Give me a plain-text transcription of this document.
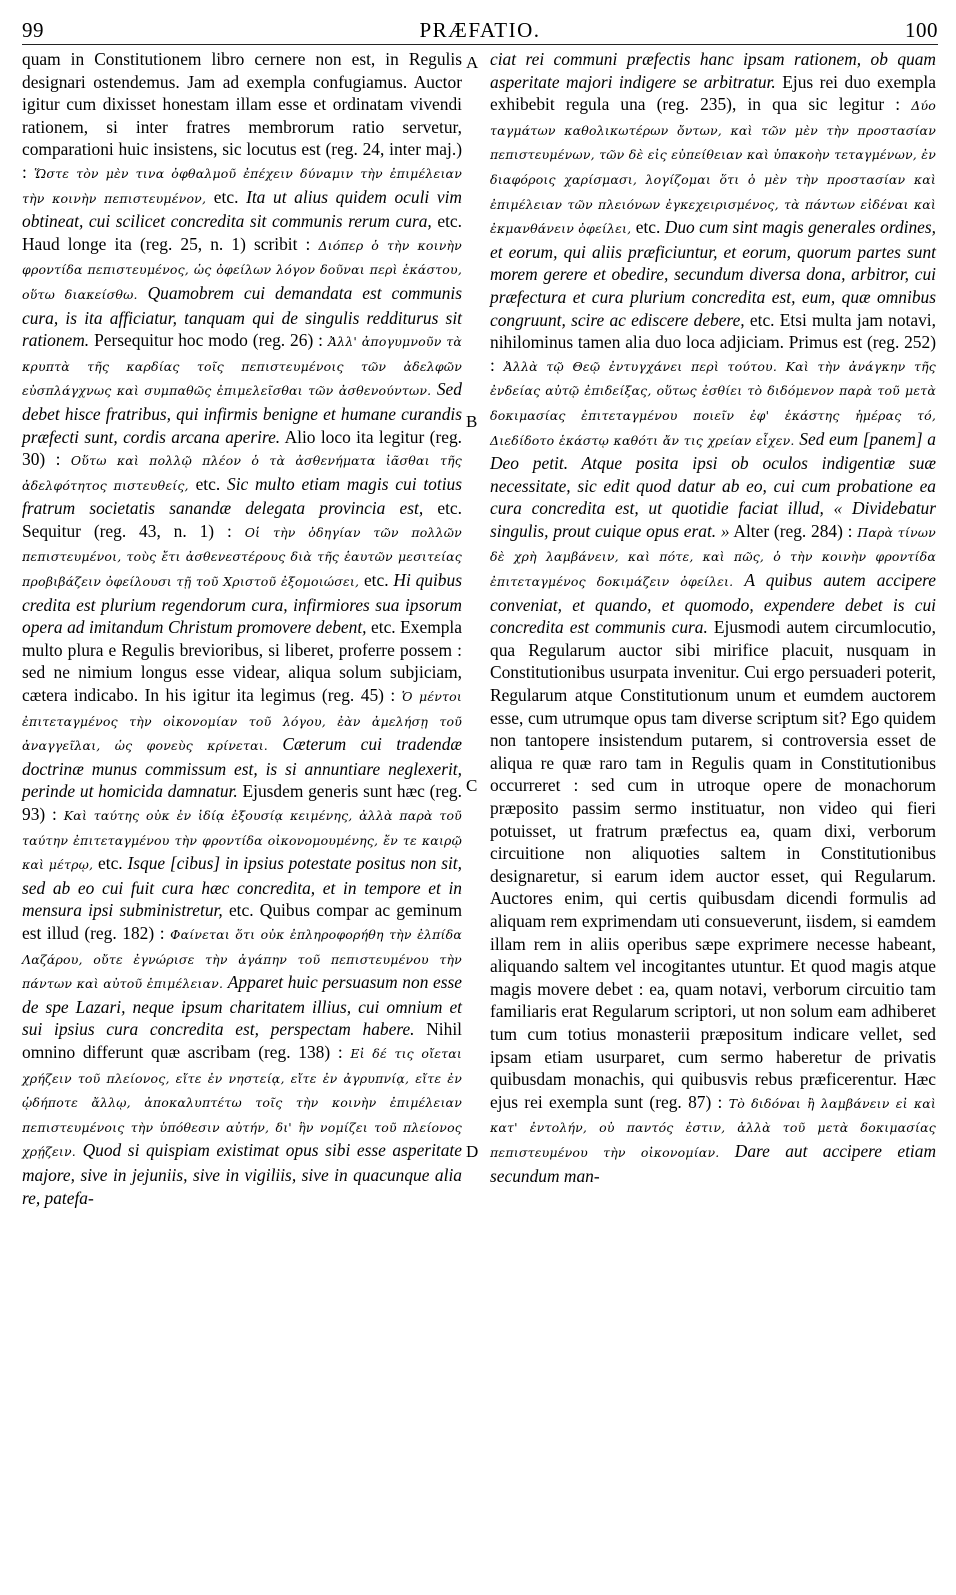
99	PRÆFATIO.	100

quam in Constitutionem libro cernere non est, in Regulis designari ostendemus. Jam ad exempla confugiamus. Auctor igitur cum dixisset honestam illam esse et ordinatam vivendi rationem, si inter fratres membrorum ratio servetur, comparationi huic insistens, sic locutus est (reg. 24, inter maj.) : Ὥστε τὸν μὲν τινα ὀφθαλμοῦ ἐπέχειν δύναμιν τὴν ἐπιμέλειαν τὴν κοινὴν πεπιστευμένον, etc. Ita ut alius quidem oculi vim obtineat, cui scilicet concredita sit communis rerum cura, etc. Haud longe ita (reg. 25, n. 1) scribit : Διόπερ ὁ τὴν κοινὴν φροντίδα πεπιστευμένος, ὡς ὀφείλων λόγον δοῦναι περὶ ἑκάστου, οὕτω διακείσθω. Quamobrem cui demandata est communis cura, is ita afficiatur, tanquam qui de singulis redditurus sit rationem. Persequitur hoc modo (reg. 26) : Ἀλλ' ἀπογυμνοῦν τὰ κρυπτὰ τῆς καρδίας τοῖς πεπιστευμένοις τῶν ἀδελφῶν εὐσπλάγχνως καὶ συμπαθῶς ἐπιμελεῖσθαι τῶν ἀσθενούντων. Sed debet hisce fratribus, qui infirmis benigne et humane curandis præfecti sunt, cordis arcana aperire. Alio loco ita legitur (reg. 30) : Οὕτω καὶ πολλῷ πλέον ὁ τὰ ἀσθενήματα ἰᾶσθαι τῆς ἀδελφότητος πιστευθείς, etc. Sic multo etiam magis cui totius fratrum societatis sanandæ delegata provincia est, etc. Sequitur (reg. 43, n. 1) : Οἱ τὴν ὁδηγίαν τῶν πολλῶν πεπιστευμένοι, τοὺς ἔτι ἀσθενεστέρους διὰ τῆς ἑαυτῶν μεσιτείας προβιβάζειν ὀφείλουσι τῇ τοῦ Χριστοῦ ἐξομοιώσει, etc. Hi quibus credita est plurium regendorum cura, infirmiores sua ipsorum opera ad imitandum Christum promovere debent, etc. Exempla multo plura e Regulis brevioribus, si liberet, proferre possem : sed ne nimium longus esse videar, aliqua solum subjiciam, cætera indicabo. In his igitur ita legimus (reg. 45) : Ὁ μέντοι ἐπιτεταγμένος τὴν οἰκονομίαν τοῦ λόγου, ἐὰν ἀμελήσῃ τοῦ ἀναγγεῖλαι, ὡς φονεὺς κρίνεται. Cæterum cui tradendæ doctrinæ munus commissum est, is si annuntiare neglexerit, perinde ut homicida damnatur. Ejusdem generis sunt hæc (reg. 93) : Καὶ ταύτης οὐκ ἐν ἰδίᾳ ἐξουσίᾳ κειμένης, ἀλλὰ παρὰ τοῦ ταύτην ἐπιτεταγμένου τὴν φροντίδα οἰκονομουμένης, ἔν τε καιρῷ καὶ μέτρῳ, etc. Isque [cibus] in ipsius potestate positus non sit, sed ab eo cui fuit cura hæc concredita, et in tempore et in mensura ipsi subministretur, etc. Quibus compar ac geminum est illud (reg. 182) : Φαίνεται ὅτι οὐκ ἐπληροφορήθη τὴν ἐλπίδα Λαζάρου, οὔτε ἐγνώρισε τὴν ἀγάπην τοῦ πεπιστευμένου τὴν πάντων καὶ αὐτοῦ ἐπιμέλειαν. Apparet huic persuasum non esse de spe Lazari, neque ipsum charitatem illius, cui omnium et sui ipsius cura concredita est, perspectam habere. Nihil omnino differunt quæ ascribam (reg. 138) : Εἰ δέ τις οἴεται χρήζειν τοῦ πλείονος, εἴτε ἐν νηστείᾳ, εἴτε ἐν ἀγρυπνίᾳ, εἴτε ἐν ᾡδήποτε ἄλλῳ, ἀποκαλυπτέτω τοῖς τὴν κοινὴν ἐπιμέλειαν πεπιστευμένοις τὴν ὑπόθεσιν αὐτήν, δι' ἣν νομίζει τοῦ πλείονος χρῄζειν. Quod si quispiam existimat opus sibi esse asperitate majore, sive in jejuniis, sive in vigiliis, sive in quacunque alia re, patefa-

A
B
C
D

ciat rei communi præfectis hanc ipsam rationem, ob quam asperitate majori indigere se arbitratur. Ejus rei duo exempla exhibebit regula una (reg. 235), in qua sic legitur : Δύο ταγμάτων καθολικωτέρων ὄντων, καὶ τῶν μὲν τὴν προστασίαν πεπιστευμένων, τῶν δὲ εἰς εὐπείθειαν καὶ ὑπακοὴν τεταγμένων, ἐν διαφόροις χαρίσμασι, λογίζομαι ὅτι ὁ μὲν τὴν προστασίαν καὶ ἐπιμέλειαν τῶν πλειόνων ἐγκεχειρισμένος, τὰ πάντων εἰδέναι καὶ ἐκμανθάνειν ὀφείλει, etc. Duo cum sint magis generales ordines, et eorum, qui aliis præficiuntur, et eorum, quorum partes sunt morem gerere et obedire, secundum diversa dona, arbitror, cui præfectura et cura plurium concredita est, eum, quæ omnibus congruunt, scire ac ediscere debere, etc. Etsi multa jam notavi, nihilominus tamen alia duo loca adjiciam. Primus est (reg. 252) : Ἀλλὰ τῷ Θεῷ ἐντυγχάνει περὶ τούτου. Καὶ τὴν ἀνάγκην τῆς ἐνδείας αὐτῷ ἐπιδείξας, οὕτως ἐσθίει τὸ διδόμενον παρὰ τοῦ μετὰ δοκιμασίας ἐπιτεταγμένου ποιεῖν ἐφ' ἑκάστης ἡμέρας τό, Διεδίδοτο ἑκάστῳ καθότι ἄν τις χρείαν εἶχεν. Sed eum [panem] a Deo petit. Atque posita ipsi ob oculos indigentiæ suæ necessitate, sic edit quod datur ab eo, cui cum probatione ea cura concredita est, ut quotidie faciat illud, « Dividebatur singulis, prout cuique opus erat. » Alter (reg. 284) : Παρὰ τίνων δὲ χρὴ λαμβάνειν, καὶ πότε, καὶ πῶς, ὁ τὴν κοινὴν φροντίδα ἐπιτεταγμένος δοκιμάζειν ὀφείλει. A quibus autem accipere conveniat, et quando, et quomodo, expendere debet is cui concredita est communis cura. Ejusmodi autem circumlocutio, qua Regularum auctor sibi mirifice placuit, nusquam in Constitutionibus usurpata invenitur. Cui ergo persuaderi poterit, Regularum atque Constitutionum unum et eumdem auctorem esse, cum utrumque opus tam diverse scriptum sit? Ego quidem non tantopere insistendum putarem, si controversia esset de aliqua re quæ raro tam in Regulis quam in Constitutionibus occurreret : sed cum in utroque opere de monachorum præposito passim sermo instituatur, non video qui fieri potuisset, ut fratrum præfectus ea, quam dixi, verborum circuitione non aliquoties saltem in Constitutionibus designaretur, si earum idem auctor esset, qui Regularum. Auctores enim, qui certis quibusdam dicendi formulis ad aliquam rem exprimendam uti consueverunt, iisdem, si eamdem illam rem in aliis operibus sæpe exprimere necesse habeant, aliquando saltem vel incogitantes utuntur. Et quod magis atque magis movere debet : ea, quam notavi, verborum circuitio tam familiaris erat Regularum scriptori, ut non solum eam adhiberet tum cum totius monasterii præpositum indicare vellet, sed ipsam etiam usurparet, cum sermo haberetur de privatis quibusdam monachis, qui quibusvis rebus præficerentur. Hæc ejus rei exempla sunt (reg. 87) : Τὸ διδόναι ἢ λαμβάνειν εἰ καὶ κατ' ἐντολήν, οὐ παντός ἐστιν, ἀλλὰ τοῦ μετὰ δοκιμασίας πεπιστευμένου τὴν οἰκονομίαν. Dare aut accipere etiam secundum man-
